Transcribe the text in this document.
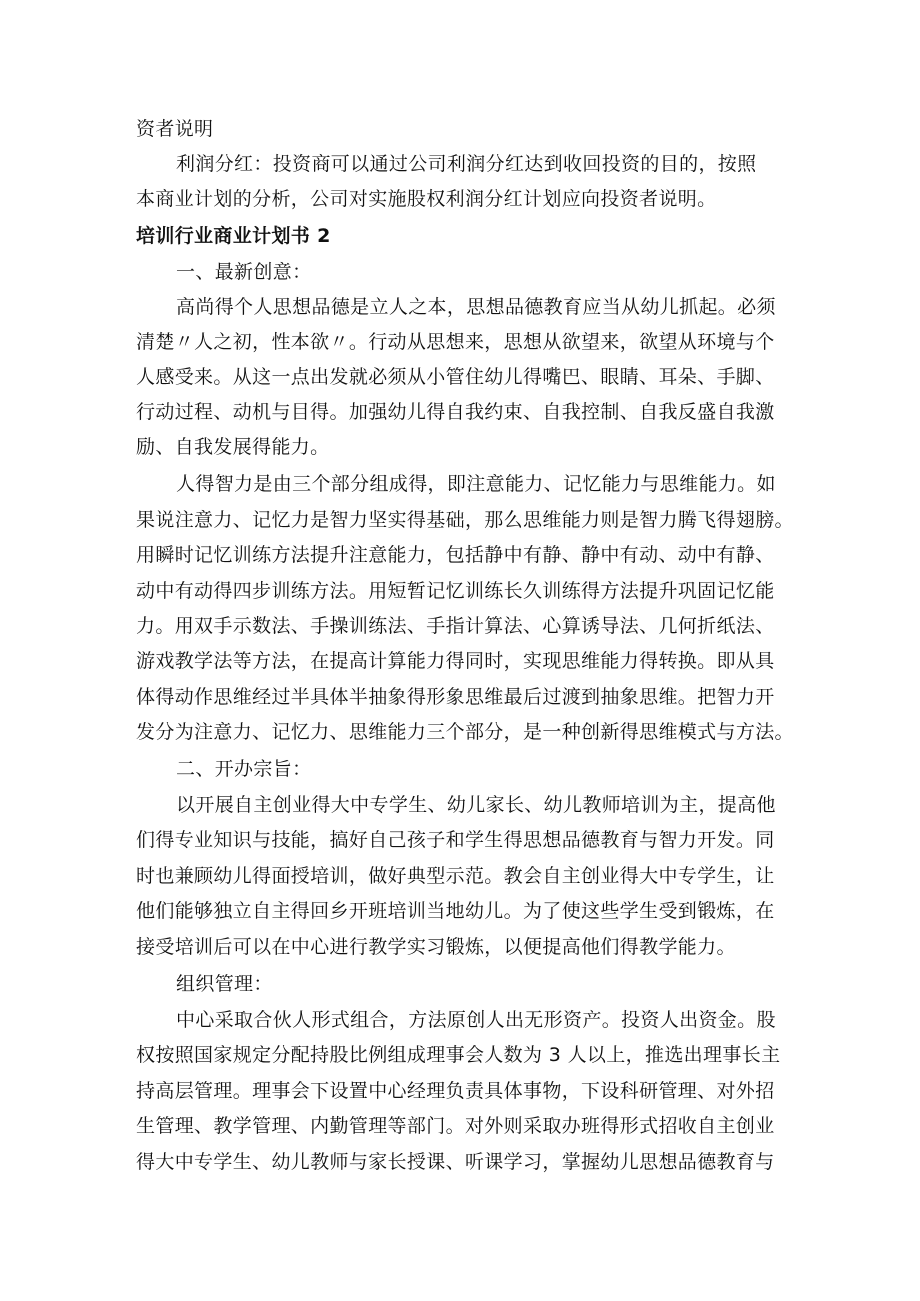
资者说明
利润分红：投资商可以通过公司利润分红达到收回投资的目的，按照
本商业计划的分析，公司对实施股权利润分红计划应向投资者说明。
培训行业商业计划书 2
一、最新创意：
高尚得个人思想品德是立人之本，思想品德教育应当从幼儿抓起。必须
清楚〃人之初，性本欲〃。行动从思想来，思想从欲望来，欲望从环境与个
人感受来。从这一点出发就必须从小管住幼儿得嘴巴、眼睛、耳朵、手脚、
行动过程、动机与目得。加强幼儿得自我约束、自我控制、自我反盛自我激
励、自我发展得能力。
人得智力是由三个部分组成得，即注意能力、记忆能力与思维能力。如
果说注意力、记忆力是智力坚实得基础，那么思维能力则是智力腾飞得翅膀。
用瞬时记忆训练方法提升注意能力，包括静中有静、静中有动、动中有静、
动中有动得四步训练方法。用短暂记忆训练长久训练得方法提升巩固记忆能
力。用双手示数法、手操训练法、手指计算法、心算诱导法、几何折纸法、
游戏教学法等方法，在提高计算能力得同时，实现思维能力得转换。即从具
体得动作思维经过半具体半抽象得形象思维最后过渡到抽象思维。把智力开
发分为注意力、记忆力、思维能力三个部分，是一种创新得思维模式与方法。
二、开办宗旨：
以开展自主创业得大中专学生、幼儿家长、幼儿教师培训为主，提高他
们得专业知识与技能，搞好自己孩子和学生得思想品德教育与智力开发。同
时也兼顾幼儿得面授培训，做好典型示范。教会自主创业得大中专学生，让
他们能够独立自主得回乡开班培训当地幼儿。为了使这些学生受到锻炼，在
接受培训后可以在中心进行教学实习锻炼，以便提高他们得教学能力。
组织管理：
中心采取合伙人形式组合，方法原创人出无形资产。投资人出资金。股
权按照国家规定分配持股比例组成理事会人数为 3 人以上，推选出理事长主
持高层管理。理事会下设置中心经理负责具体事物，下设科研管理、对外招
生管理、教学管理、内勤管理等部门。对外则采取办班得形式招收自主创业
得大中专学生、幼儿教师与家长授课、听课学习，掌握幼儿思想品德教育与
